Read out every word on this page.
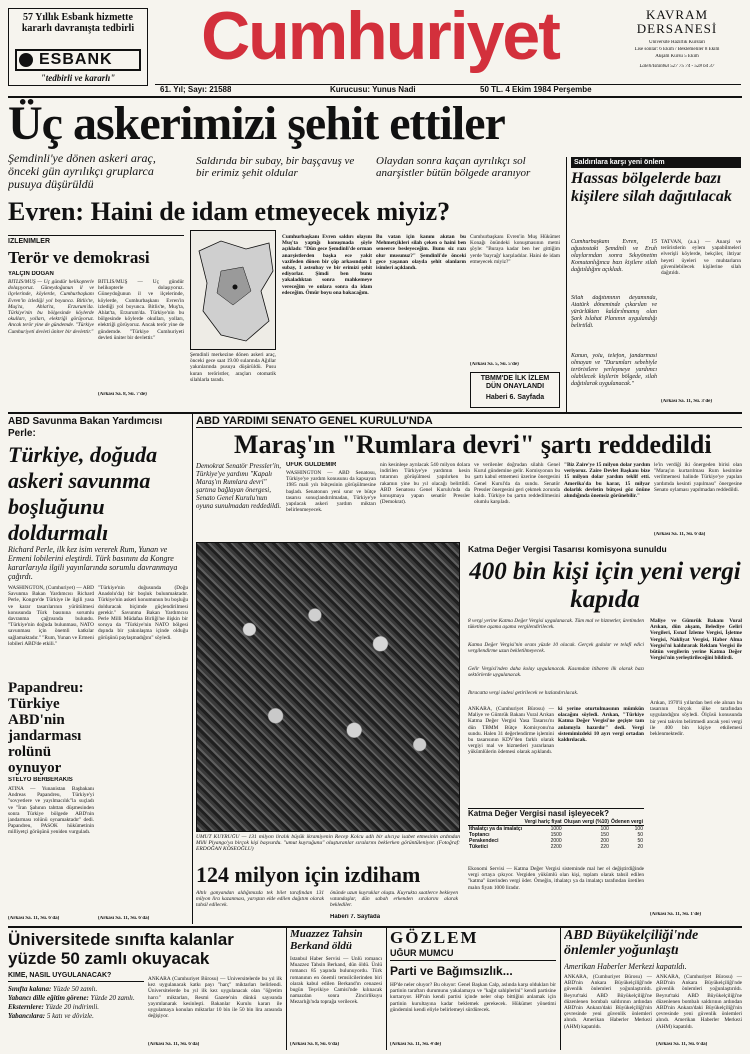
57 Yıllık Esbank hizmette kararlı davranışta tedbirli
ESBANK
"tedbirli ve kararlı"
Cumhuriyet	KAVRAM DERSANESİ
Üniversite Hazırlık Kursları
Lise sonlar: 6 Ekim / Beklemeliler 8 Ekim
Akşam Kursu 5 Ekim
Laleli/İstanbul 527 75 74 - 528 64 37
61. Yıl; Sayı: 21588	Kurucusu: Yunus Nadi	50 TL. 4 Ekim 1984 Perşembe
Üç askerimizi şehit ettiler
Şemdinli'ye dönen askeri araç, önceki gün ayrılıkçı gruplarca pusuya düşürüldü
Saldırıda bir subay, bir başçavuş ve bir erimiz şehit oldular
Olaydan sonra kaçan ayrılıkçı sol anarşistler bütün bölgede aranıyor
Evren: Haini de idam etmeyecek miyiz?
Saldırılara karşı yeni önlem
Hassas bölgelerde bazı kişilere silah dağıtılacak
Cumhurbaşkanı Evren, 15 ağustostaki Şemdinli ve Eruh olaylarından sonra Sıkıyönetim Komutanlığınca bazı kişilere silah dağıtıldığını açıkladı.
Silah dağıtımının deyamında, Atatürk döneminde çıkarılan ve yürürlükten kaldırılmamış olan Şark Islahat Planının uygulandığı belirtildi.
Kanun, yolu, telefon, jandarmasi olmayan ve "Durumları sebebiyle teröristlere yerleşmeye yardımcı olabilecek kişilerin bölgede, silah dağıtılarak uygulanacak."
TATVAN, (a.a.) — Anarşi ve teröristlerin eylem yapabilmeleri elverişli köylerde, bekçiler, ihtiyar heyeti üyeleri ve muhtarların güvenilebilecek kişilerine silah dağıtıldı.
(Arkası Sa. 11, Sü. 3'de)
İZLENİMLER
Terör ve demokrasi
YALÇIN DOĞAN
BİTLİS/MUŞ — Üç gündür helikopterle dolaşıyoruz. Güneydoğunun il ve ilçelerinde, köylerde, Cumhurbaşkanı Evren'in izlediği yol boyunca. Bitlis'te, Muş'ta, Ahlat'ta, Erzurum'da. Türkiye'nin bu bölgesinde köylerde okulları, yolları, elektriği görüyoruz. Ancak terör yine de gündemde. "Türkiye Cumhuriyeti devleti üniter bir devlettir."
BİTLİS/MUŞ — Üç gündür helikopterle dolaşıyoruz. Güneydoğunun il ve ilçelerinde, köylerde, Cumhurbaşkanı Evren'in izlediği yol boyunca. Bitlis'te, Muş'ta, Ahlat'ta, Erzurum'da. Türkiye'nin bu bölgesinde köylerde okulları, yolları, elektriği görüyoruz. Ancak terör yine de gündemde. "Türkiye Cumhuriyeti devleti üniter bir devlettir."
(Arkası Sa. 8, Sü. 7'de)
Şemdinli merkezine dönen askeri araç, önceki gece saat 19.00 sularında Ağıllar yakınlarında pusuya düşürüldü. Pusu kuran teröristler, araçları otomatik silahlarla taradı.
Cumhurbaşkanı Evren saldırı olayını Muş'ta yaptığı konuşmada şöyle açıkladı: "Dün gece Şemdinli'de orman anarşistlerden başka ece yakit vazifeden dönen bir çöp arkasından 1 subay, 1 astsubay ve bir erimizi şehit ediyorlar. Şimdi ben bunu yakaladıktan sonra mahkemeye vereceğim ve onlara sonra da idam edeceğim. Ömür boyu ona bakacağım.
Bu vatan için kanını akıtan bu Mehmetçikleri silah çeken o haini ben seneerce besleyeceğim. Bunu siz razı olur musunuz?" Şemdinli'de önceki gece yaşanan olayda şehit olanların isimleri açıklandı.
Cumhurbaşkanı Evren'in Muş Hükümet Konağı önündeki konuşmasının metni şöyle: "Buraya kadar ben her gittiğim yerde 'bayrağı' karşıladılar. Haini de idam etmeyecek miyiz?"
(Arkası Sa. 5, Sü. 5'de)
TBMM'DE İLK İZLEM DÜN ONAYLANDI
Haberi 6. Sayfada
ABD Savunma Bakan Yardımcısı Perle:
Türkiye, doğuda askeri savunma boşluğunu doldurmalı
Richard Perle, ilk kez isim vererek Rum, Yunan ve Ermeni lobilerini eleştirdi. Türk basınını da Kongre kararlarıyla ilgili yayınlarında sorumlu davranmaya çağırdı.
WASHINGTON, (Cumhuriyet) — ABD Savunma Bakan Yardımcısı Richard Perle, Kongre'de Türkiye ile ilgili yasa ve karar tasarılarının yürütülmesi konusunda Türk basınına sorumlu davranma çağrısında bulundu. "Türkiye'nin doğuda bulunması, NATO savunması için önemli katkılar sağlamaktadır." "Rum, Yunan ve Ermeni lobileri ABD'de etkili."
"Türkiye'nin doğusunda (Doğu Anadolu'da) bir boşluk bulunmaktadır. Türkiye'nin askeri konumunun bu boşluğu dolduracak biçimde güçlendirilmesi gerekir." Savunma Bakan Yardımcısı Perle Milli Müdafaa Birliği'ne ilişkin bir soruya da "Türkiye'nin NATO bölgesi dışında bir yakınlaşma içinde olduğu görüşünü paylaşmadığını" söyledi.
(Arkası Sa. 11, Sü. 6'da)
Papandreu: Türkiye ABD'nin jandarması rolünü oynuyor
STELYO BERBERAKİS
ATİNA — Yunanistan Başbakanı Andreas Papandreu, Türkiye'yi "sovyetlere ve yayılmacılık"la suçladı ve "İran Şahının tahttan düşmesinden sonra Türkiye bölgede ABD'nin jandarması rolünü oynamaktadır" dedi. Papandreu, PASOK hükümetinin milliyetçi görüşünü yeniden vurguladı.
(Arkası Sa. 11, Sü. 6'da)
ABD YARDIMI SENATO GENEL KURULU'NDA
Maraş'ın "Rumlara devri" şartı reddedildi
Demokrat Senatör Pressler'in, Türkiye'ye yardımı "Kapalı Maraş'ın Rumlara devri" şartına bağlayan önergesi, Senato Genel Kurulu'nun oyuna sunulmadan reddedildi.
UFUK GÜLDEMİR
WASHINGTON — ABD Senatosu, Türkiye'ye yardım konusunu da kapsayan 1985 mali yılı bütçesinin görüşülmesine başladı. Senatonun yeni sınır ve bütçe tasarısı sonuçlandırılmadan, Türkiye'ye yapılacak askeri yardım miktarı belirlenmeyecek.
nin kesinleşe ayrılacak 540 milyon dolara indirilen Türkiye'ye yardımın kesin tutarının görüşülmesi yapılırken bu rakamın yine bu yıl olacağı belirtildi. ABD Senatosu Genel Kurulu'nda da konuşmaya yapan senatör Pressler (Demokrat).
ve verilenler doğrudan silahlı Genel Kurul gündemine gelir. Komisyonun bu şartı kabul etmemesi üzerine önergesini Genel Kurul'da da sundu. Senatör Pressler önergesini geri çekmek zorunda kaldı. Türkiye bu şartın reddedilmesini olumlu karşıladı.
"Biz Zaire'ye 15 milyon dolar yardım veriyoruz. Zaire Devlet Başkanı bize 15 milyon dolar yardım teklif etti. Amerika'da bu karar, 15 milyar dolarlık devletin bütçesi göz önüne alındığında önemsiz görünebilir."
le'in verdiği iki önergeden birisi olan "Maraş'ın kurtarılması Rum kesimine verilmemesi halinde Türkiye'ye yapılan yardımda kesinti yapılması" önergesine Senato oylaması yapılmadan reddedildi.
(Arkası Sa. 11, Sü. 6'da)
UMUT KUYRUĞU — 131 milyon liralık büyük ikramiyenin Recep Kolcu adlı bir alıcıya isabet etmesinin ardından Milli Piyango'ya birçok kişi başvurdu. "umut kuyruğunu" oluşturanlar sıralarını beklerken görüntüleniyor. (Fotoğraf: ERDOĞAN KÖSEOĞLU)
124 milyon için izdiham
Altılı ganyandan aldığımızda tek bilet tarafından 131 milyon lira kazanması, yarıştan elde edilen dağıtım olarak tahsil edilecek.
önünde uzun kuyruklar oluştu. Kuyrukta saatlerce bekleyen vatandaşlar, dün sabah erkenden sıralarını alarak beklediler.
Haberi 7. Sayfada
Katma Değer Vergisi Tasarısı komisyona sunuldu
400 bin kişi için yeni vergi kapıda
8 vergi yerine Katma Değer Vergisi uygulanacak. Tüm mal ve hizmetler, üretimden tüketime aşama aşama vergilendirilecek.
Katma Değer Vergisi'nin oranı yüzde 10 olacak. Gerçek gıdalar ve telafi edici vergilendirme uzun bekletilmeyecek.
Gelir Vergisi'nden daha kolay uygulanacak. Kasımdan itibaren ilk olarak bazı sektörlerde uygulanacak.
İhracatta vergi iadesi getirilecek ve hızlandırılacak.
ANKARA, (Cumhuriyet Bürosu) — Maliye ve Gümrük Bakanı Vural Arıkan Katma Değer Vergisi Yasa Tasarısı'nı dün TBMM Bütçe Komisyonu'na sundu. Halen 31 değerlendirme işlemini bu tasarısının KDV'den farklı olarak vergiyi mal ve hizmetleri yararlanan yükümlülerin ödemesi olarak açıklandı.
ki yerine oturtulmasının mümkün olacağını söyledi. Arıkan, "Türkiye Katma Değer Vergisi'ne geçişte tam anlamıyla hazırdır" dedi. Vergi sistemimizdeki 10 ayrı vergi ortadan kaldırılacak.
Maliye ve Gümrük Bakanı Vural Arıkan, dün akşam, Belediye Geliri Vergileri, Esnaf İzleme Vergisi, İşletme Vergisi, Nakliyat Vergisi, Haber Alma Vergisi'ni kaldırarak Reklam Vergisi ile bütün vergilerin yerine Katma Değer Vergisi'nin yerleştirileceğini bildirdi.
Arıkan, 1970'li yıllardan beri ele alınan bu tasarının birçok ülke tarafından uygulandığını söyledi. Ölçüsü konusunda bir yeni takvim belirtmedi ancak yeni vergi ile 400 bin kişiye etkilemesi beklenmektedir.
(Arkası Sa. 11, Sü. 1'de)
Katma Değer Vergisi nasıl işleyecek?
	Vergi hariç fiyat	Oluşan vergi (%10)	Ödenen vergi
İthalatçı ya da imalatçı	1000	100	100
Toptancı	1500	150	50
Perakendeci	2000	200	50
Tüketici	2200	220	20
Ekonomi Servisi — Katma Değer Vergisi sisteminde mal her el değiştirdiğinde vergi ortaya çıkıyor. Vergiden yükümlü olan kişi, toplam olarak tahsil edilen "katma" üzerinden vergi öder. Örneğin, ithalatçı ya da imalatçı tarafından üretilen malın fiyatı 1000 liradır.
Üniversitede sınıfta kalanlar yüzde 50 zamlı okuyacak
KİME, NASIL UYGULANACAK?
Sınıfta kalana: Yüzde 50 zamlı.
Yabancı dille eğitim görene: Yüzde 20 zamlı.
Eksternlere: Yüzde 20 indirimli.
Yabancılara: 5 katı ve dövizle.
ANKARA (Cumhuriyet Bürosu) — Üniversitelerde bu yıl ilk kez uygulanacak katkı payı "harç" miktarları belirlendi. Üniversitelerde bu yıl ilk kez uygulanacak olan "öğretim harcı" miktarları, Resmi Gazete'nin dünkü sayısında yayımlanarak kesinleşti. Bakanlar Kurulu kararı ile uygulamaya konulan miktarlar 10 bin ile 50 bin lira arasında değişiyor.
(Arkası Sa. 11, Sü. 6'da)
Muazzez Tahsin Berkand öldü
İstanbul Haber Servisi — Ünlü romancı Muazzez Tahsin Berkand, dün öldü. Ünlü romancı 85 yaşında bulunuyordu. Türk romanının en önemli temsilcilerinden biri olarak kabul edilen Berkand'ın cenazesi bugün Teşvikiye Camisi'nde kılınacak namazdan sonra Zincirlikuyu Mezarlığı'nda toprağa verilecek.
(Arkası Sa. 8, Sü. 6'da)
GÖZLEM
UĞUR MUMCU
Parti ve Bağımsızlık...
HP'de neler oluyor? Bu oluyor: Genel Başkan Calp, aslında karşı oldukları bir partinin taraftarı durumunu yakalamaya ve "kağıt sahiplerini" kendi partisine kurtarıyor. HP'nin kendi partisi içinde neler olup bittiğini anlamak için partinin kurultayına kadar beklemek gerekecek. Hükümet yönetimi gündemini kendi eliyle belirlemeyi sürdürecek.
(Arkası Sa. 11, Sü. 4'de)
ABD Büyükelçiliği'nde önlemler yoğunlaştı
Amerikan Haberler Merkezi kapatıldı.
ANKARA, (Cumhuriyet Bürosu) — ABD'nin Ankara Büyükelçiliği'nde güvenlik önlemleri yoğunlaştırıldı. Beyrut'taki ABD Büyükelçiliği'ne düzenlenen bombalı saldırının ardından ABD'nin Ankara'daki Büyükelçiliği'nin çevresinde yeni güvenlik önlemleri alındı. Amerikan Haberler Merkezi (AHM) kapatıldı.
ANKARA, (Cumhuriyet Bürosu) — ABD'nin Ankara Büyükelçiliği'nde güvenlik önlemleri yoğunlaştırıldı. Beyrut'taki ABD Büyükelçiliği'ne düzenlenen bombalı saldırının ardından ABD'nin Ankara'daki Büyükelçiliği'nin çevresinde yeni güvenlik önlemleri alındı. Amerikan Haberler Merkezi (AHM) kapatıldı.
(Arkası Sa. 11, Sü. 6'da)
